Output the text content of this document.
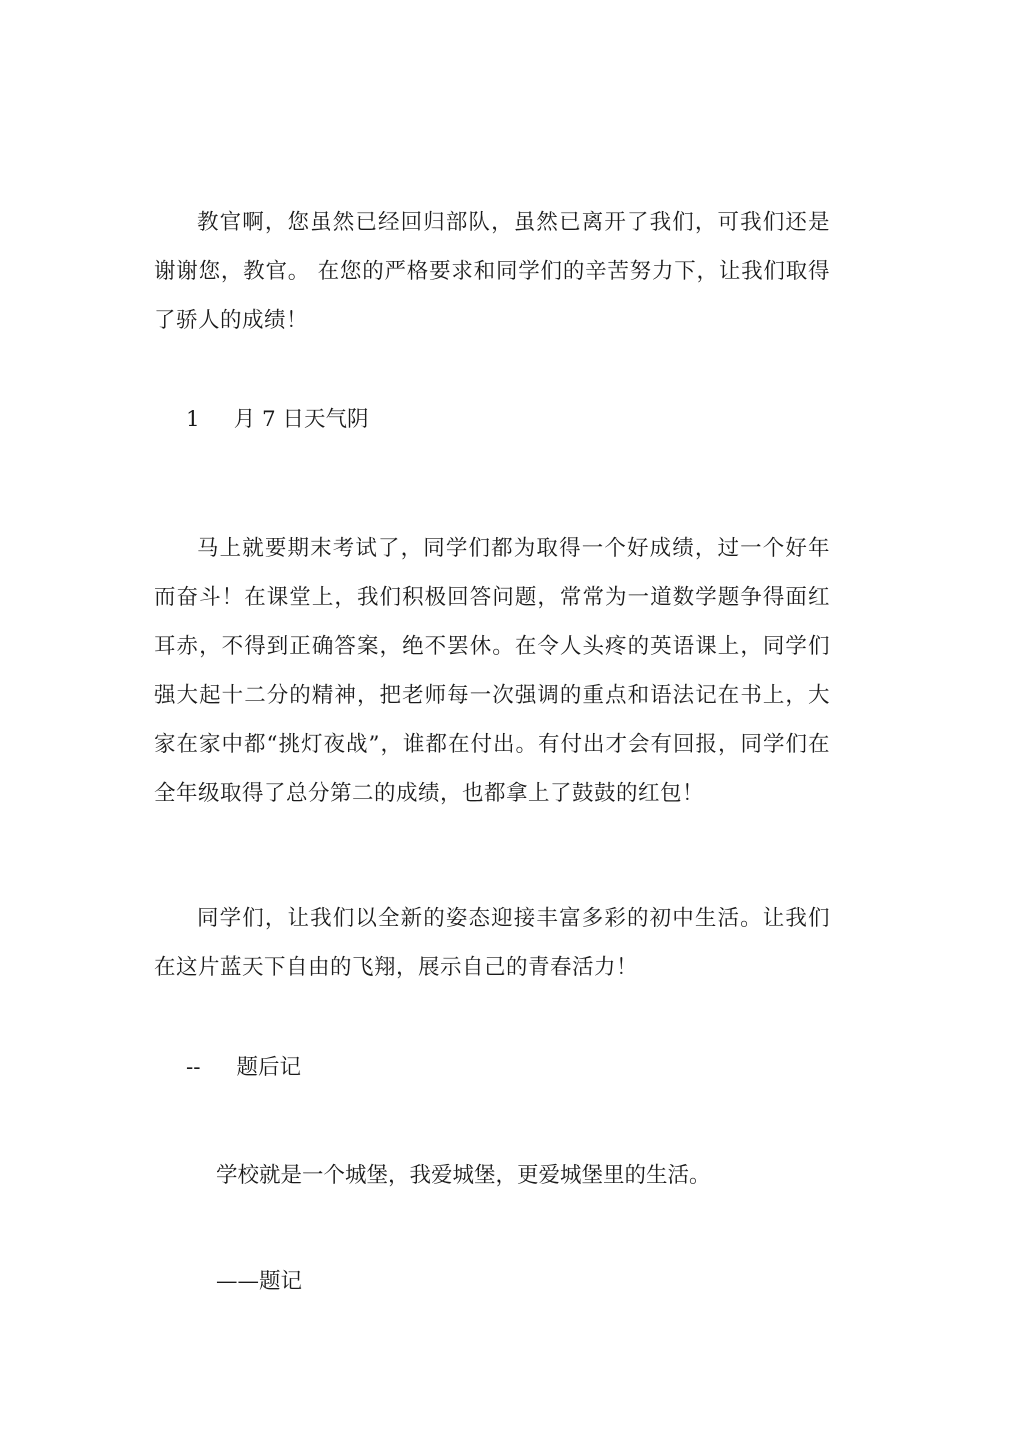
教官啊，您虽然已经回归部队，虽然已离开了我们，可我们还是谢谢您，教官。 在您的严格要求和同学们的辛苦努力下，让我们取得了骄人的成绩！

1 月 7 日天气阴

马上就要期末考试了，同学们都为取得一个好成绩，过一个好年而奋斗！在课堂上，我们积极回答问题，常常为一道数学题争得面红耳赤，不得到正确答案，绝不罢休。在令人头疼的英语课上，同学们强大起十二分的精神，把老师每一次强调的重点和语法记在书上，大家在家中都“挑灯夜战”，谁都在付出。有付出才会有回报，同学们在全年级取得了总分第二的成绩，也都拿上了鼓鼓的红包！

同学们，让我们以全新的姿态迎接丰富多彩的初中生活。让我们在这片蓝天下自由的飞翔，展示自己的青春活力！

-- 题后记
学校就是一个城堡，我爱城堡，更爱城堡里的生活。
——题记
